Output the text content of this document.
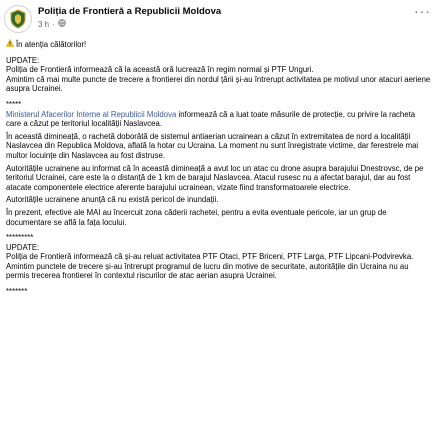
Poliția de Frontieră a Republicii Moldova
3 h ·
···

În atenția călătorilor!

UPDATE:

Poliția de Frontieră informează că la această oră lucrează în regim normal și PTF Unguri.

Amintim că mai multe puncte de trecere a frontierei din nordul țării și-au întrerupt activitatea pe motivul unor atacuri aeriene asupra Ucrainei.

*****

Ministerul Afacerilor Interne al Republicii Moldova informează că a luat toate măsurile de protecție, cu privire la racheta care a căzut pe teritoriul localității Naslavcea.

În această dimineață, o rachetă doborâtă de sistemul antiaerian ucrainean a căzut în extremitatea de nord a localității Naslavcea din Republica Moldova, aflată la hotar cu Ucraina. La moment nu sunt înregistrate victime, dar ferestrele mai multor locuințe din Naslavcea au fost distruse.

Autoritățile ucrainene au informat că în această dimineață a avut loc un atac cu drone asupra barajului Dnestrovsc, de pe teritoriul Ucrainei, care este la o distanță de 1 km de barajul Naslavcea. Atacul rusesc nu a afectat barajul, dar au fost atacate componentele electrice aferente barajului ucrainean, vizate fiind transformatoarele electrice.

Autoritățile ucrainene anunță că nu există pericol de inundații.

În prezent, efective ale MAI au încercuit zona căderii rachetei, pentru a evita eventuale pericole, iar un grup de documentare se află la fața locului.

*********

UPDATE:

Poliția de Frontieră informează că și-au reluat activitatea PTF Otaci, PTF Briceni, PTF Larga, PTF Lipcani-Podvirevka.

Amintim punctele de trecere și-au întrerupt programul de lucru din motive de securitate, autoritățile din Ucraina nu au permis trecerea frontierei în contextul riscurilor de atac aerian asupra Ucrainei.

*******
